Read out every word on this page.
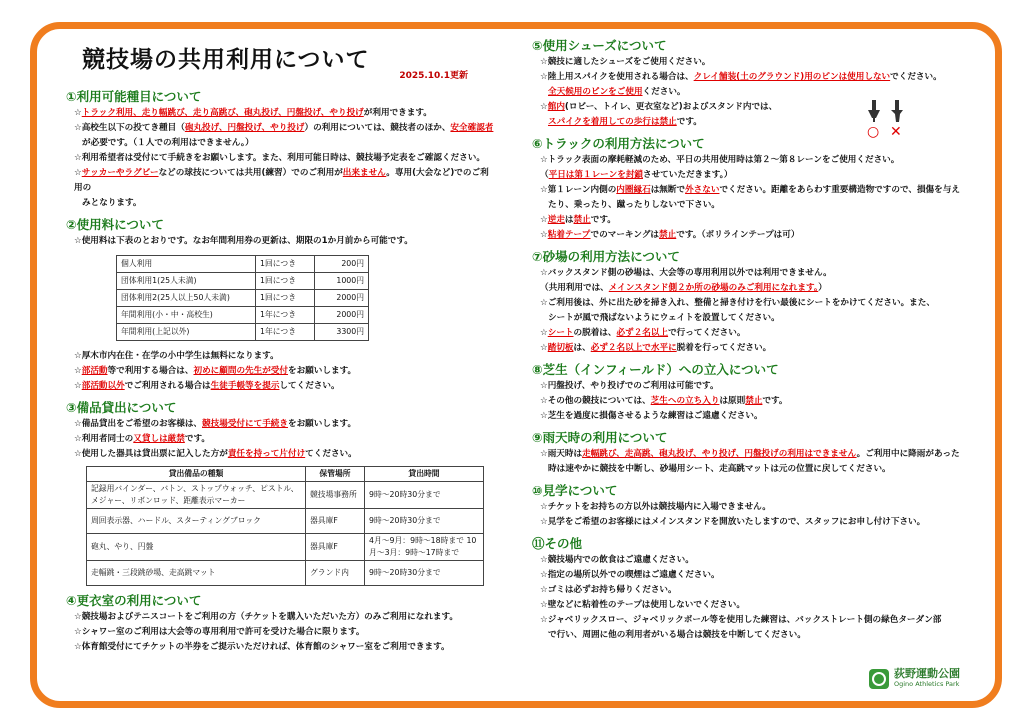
競技場の共用利用について
2025.10.1更新
①利用可能種目について

☆トラック利用、走り幅跳び、走り高跳び、砲丸投げ、円盤投げ、やり投げが利用できます。

☆高校生以下の投てき種目（砲丸投げ、円盤投げ、やり投げ）の利用については、競技者のほか、安全確認者

が必要です。（１人での利用はできません。）

☆利用希望者は受付にて手続きをお願いします。また、利用可能日時は、競技場予定表をご確認ください。

☆サッカーやラグビーなどの球技については共用(練習）でのご利用が出来ません。専用(大会など)でのご利用の

みとなります。

②使用料について

☆使用料は下表のとおりです。なお年間利用券の更新は、期限の1か月前から可能です。

個人利用	1回につき	200円
団体利用1(25人未満)	1回につき	1000円
団体利用2(25人以上50人未満)	1回につき	2000円
年間利用(小・中・高校生)	1年につき	2000円
年間利用(上記以外)	1年につき	3300円

☆厚木市内在住・在学の小中学生は無料になります。

☆部活動等で利用する場合は、初めに顧問の先生が受付をお願いします。

☆部活動以外でご利用される場合は生徒手帳等を提示してください。

③備品貸出について

☆備品貸出をご希望のお客様は、競技場受付にて手続きをお願いします。

☆利用者同士の又貸しは厳禁です。

☆使用した器具は貸出票に記入した方が責任を持って片付けてください。

貸出備品の種類	保管場所	貸出時間
記録用バインダー、バトン、ストップウォッチ、ピストル、メジャー、リボンロッド、距離表示マーカー	競技場事務所	9時～20時30分まで
周回表示器、ハードル、スターティングブロック	器具庫F	9時～20時30分まで
砲丸、やり、円盤	器具庫F	4月～9月：9時～18時まで 10月～3月：9時～17時まで
走幅跳・三段跳砂場、走高跳マット	グランド内	9時～20時30分まで
④更衣室の利用について

☆競技場およびテニスコートをご利用の方（チケットを購入いただいた方）のみご利用になれます。

☆シャワー室のご利用は大会等の専用利用で許可を受けた場合に限ります。

☆体育館受付にてチケットの半券をご提示いただければ、体育館のシャワー室をご利用できます。

⑤使用シューズについて

☆競技に適したシューズをご使用ください。

☆陸上用スパイクを使用される場合は、クレイ舗装(土のグラウンド)用のピンは使用しないでください。

全天候用のピンをご使用ください。

☆館内(ロビー、トイレ、更衣室など)およびスタンド内では、

スパイクを着用しての歩行は禁止です。

⑥トラックの利用方法について

☆トラック表面の摩耗軽減のため、平日の共用使用時は第２～第８レーンをご使用ください。

（平日は第１レーンを封鎖させていただきます。）

☆第１レーン内側の内圏縁石は無断で外さないでください。距離をあらわす重要構造物ですので、損傷を与え

たり、乗ったり、蹴ったりしないで下さい。

☆逆走は禁止です。

☆粘着テープでのマーキングは禁止です。（ポリラインテープは可）

⑦砂場の利用方法について

☆バックスタンド側の砂場は、大会等の専用利用以外では利用できません。

（共用利用では、メインスタンド側２か所の砂場のみご利用になれます。）

☆ご利用後は、外に出た砂を掃き入れ、整備と掃き付けを行い最後にシートをかけてください。また、

シートが風で飛ばないようにウェイトを設置してください。

☆シートの脱着は、必ず２名以上で行ってください。

☆踏切板は、必ず２名以上で水平に脱着を行ってください。

⑧芝生（インフィールド）への立入について

☆円盤投げ、やり投げでのご利用は可能です。

☆その他の競技については、芝生への立ち入りは原則禁止です。

☆芝生を過度に損傷させるような練習はご遠慮ください。

⑨雨天時の利用について

☆雨天時は走幅跳び、走高跳、砲丸投げ、やり投げ、円盤投げの利用はできません。ご利用中に降雨があった

時は速やかに競技を中断し、砂場用シート、走高跳マットは元の位置に戻してください。

⑩見学について

☆チケットをお持ちの方以外は競技場内に入場できません。

☆見学をご希望のお客様にはメインスタンドを開放いたしますので、スタッフにお申し付け下さい。

⑪その他

☆競技場内での飲食はご遠慮ください。

☆指定の場所以外での喫煙はご遠慮ください。

☆ゴミは必ずお持ち帰りください。

☆壁などに粘着性のテープは使用しないでください。

☆ジャベリックスロー、ジャベリックボール等を使用した練習は、バックストレート側の緑色ターダン部

で行い、周囲に他の利用者がいる場合は競技を中断してください。

○ ✕
荻野運動公園
Ogino Athletics Park
